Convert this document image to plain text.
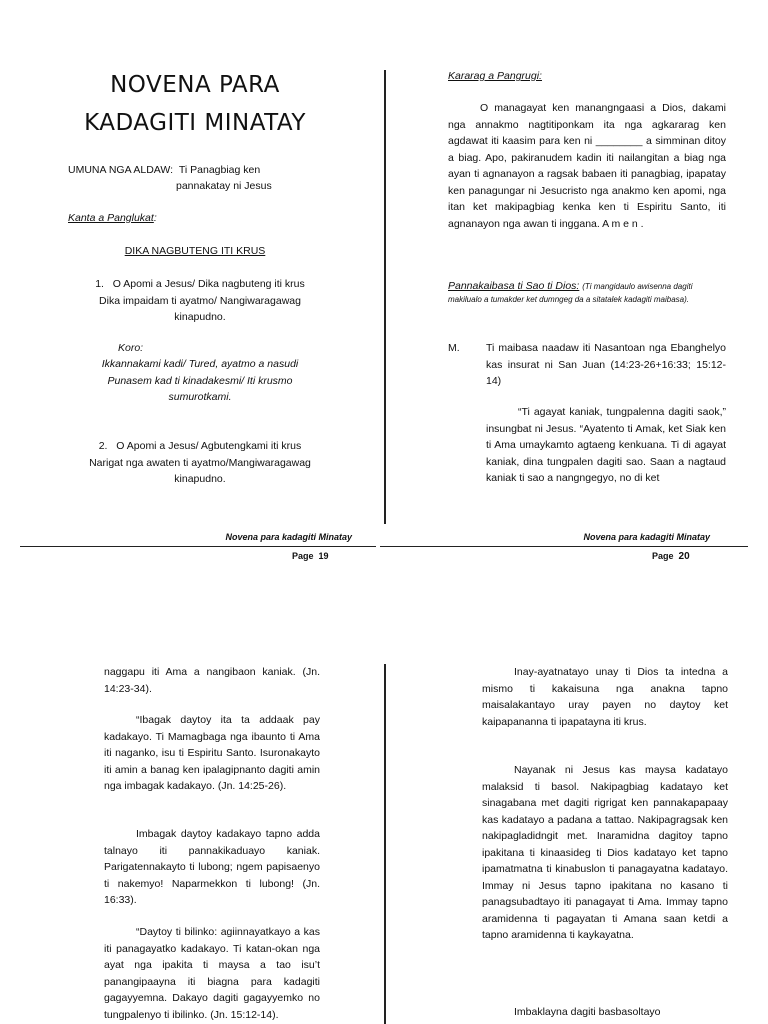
NOVENA PARA
KADAGITI MINATAY
UMUNA NGA ALDAW: Ti Panagbiag ken
pannakatay ni Jesus
Kanta a Panglukat:
DIKA NAGBUTENG ITI KRUS
1. O Apomi a Jesus/ Dika nagbuteng iti krus
Dika impaidam ti ayatmo/ Nangiwaragawag
kinapudno.
Koro:
Ikkannakami kadi/ Tured, ayatmo a nasudi
Punasem kad ti kinadakesmi/ Iti krusmo
sumurotkami.
2. O Apomi a Jesus/ Agbutengkami iti krus
Narigat nga awaten ti ayatmo/Mangiwaragawag
kinapudno.
Novena para kadagiti Minatay
Page 19
Kararag a Pangrugi:
O managayat ken manangngaasi a Dios, dakami nga annakmo nagtitiponkam ita nga agkararag ken agdawat iti kaasim para ken ni ________ a simminan ditoy a biag. Apo, pakiranudem kadin iti nailangitan a biag nga ayan ti agnanayon a ragsak babaen iti panagbiag, ipapatay ken panagungar ni Jesucristo nga anakmo ken apomi, nga itan ket makipagbiag kenka ken ti Espiritu Santo, iti agnanayon nga awan ti inggana. A m e n .
Pannakaibasa ti Sao ti Dios: (Ti mangidaulo awisenna dagiti makilualo a tumakder ket dumngeg da a sitatalek kadagiti maibasa).
M.	Ti maibasa naadaw iti Nasantoan nga Ebanghelyo kas insurat ni San Juan (14:23-26+16:33; 15:12-14)
“Ti agayat kaniak, tungpalenna dagiti saok,” insungbat ni Jesus. “Ayatento ti Amak, ket Siak ken ti Ama umaykamto agtaeng kenkuana. Ti di agayat kaniak, dina tungpalen dagiti sao. Saan a nagtaud kaniak ti sao a nangngegyo, no di ket
Novena para kadagiti Minatay
Page 20
naggapu iti Ama a nangibaon kaniak. (Jn. 14:23-34).
“Ibagak daytoy ita ta addaak pay kadakayo. Ti Mamagbaga nga ibaunto ti Ama iti naganko, isu ti Espiritu Santo. Isuronakayto iti amin a banag ken ipalagipnanto dagiti amin nga imbagak kadakayo. (Jn. 14:25-26).
Imbagak daytoy kadakayo tapno adda talnayo iti pannakikaduayo kaniak. Parigatennakayto ti lubong; ngem papisaenyo ti nakemyo! Naparmekkon ti lubong! (Jn. 16:33).
“Daytoy ti bilinko: agiinnayatkayo a kas iti panagayatko kadakayo. Ti katan-okan nga ayat nga ipakita ti maysa a tao isu’t panangipaayna iti biagna para kadagiti gagayyemna. Dakayo dagiti gagayyemko no tungpalenyo ti ibilinko. (Jn. 15:12-14).
Inay-ayatnatayo unay ti Dios ta intedna a mismo ti kakaisuna nga anakna tapno maisalakantayo uray payen no daytoy ket kaipapananna ti ipapatayna iti krus.
Nayanak ni Jesus kas maysa kadatayo malaksid ti basol. Nakipagbiag kadatayo ket sinagabana met dagiti rigrigat ken pannakapapaay kas kadatayo a padana a tattao. Nakipagragsak ken nakipagladidngit met. Inaramidna dagitoy tapno ipakitana ti kinaasideg ti Dios kadatayo ket tapno ipamatmatna ti kinabuslon ti panagayatna kadatayo. Immay ni Jesus tapno ipakitana no kasano ti panagsubadtayo iti panagayat ti Ama. Immay tapno aramidenna ti pagayatan ti Amana saan ketdi a tapno aramidenna ti kaykayatna.
Imbaklayna dagiti basbasoltayo
